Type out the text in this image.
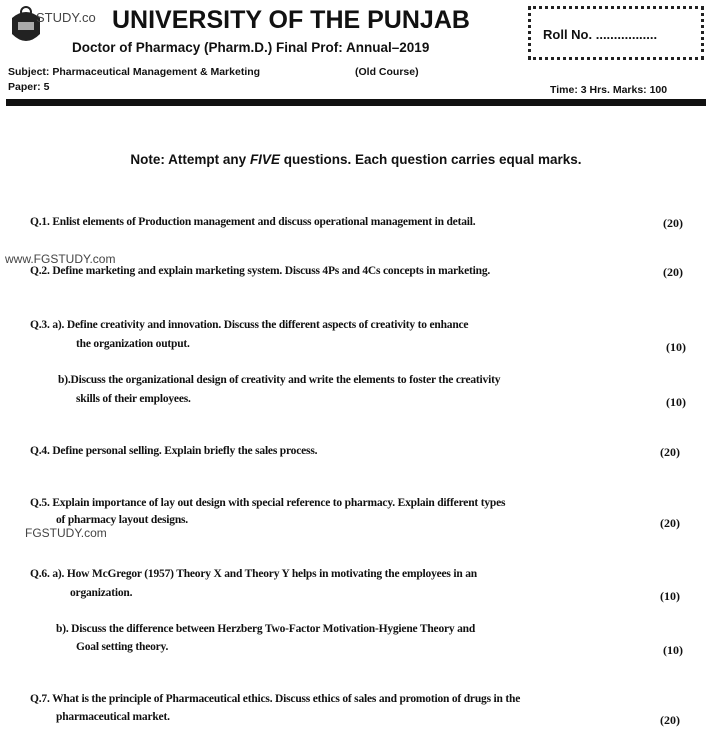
STUDY.co UNIVERSITY OF THE PUNJAB
Doctor of Pharmacy (Pharm.D.) Final Prof: Annual–2019
Roll No. .................
Subject: Pharmaceutical Management & Marketing	(Old Course)
Paper: 5	Time: 3 Hrs. Marks: 100
Note: Attempt any FIVE questions. Each question carries equal marks.
www.FGSTUDY.com
FGSTUDY.com
Q.1. Enlist elements of Production management and discuss operational management in detail.	(20)
Q.2. Define marketing and explain marketing system. Discuss 4Ps and 4Cs concepts in marketing.	(20)
Q.3. a). Define creativity and innovation. Discuss the different aspects of creativity to enhance
the organization output.	(10)
b).Discuss the organizational design of creativity and write the elements to foster the creativity
skills of their employees.	(10)
Q.4. Define personal selling. Explain briefly the sales process.	(20)
Q.5. Explain importance of lay out design with special reference to pharmacy. Explain different types
of pharmacy layout designs.	(20)
Q.6. a). How McGregor (1957) Theory X and Theory Y helps in motivating the employees in an
organization.	(10)
b). Discuss the difference between Herzberg Two-Factor Motivation-Hygiene Theory and
Goal setting theory.	(10)
Q.7. What is the principle of Pharmaceutical ethics. Discuss ethics of sales and promotion of drugs in the
pharmaceutical market.	(20)
